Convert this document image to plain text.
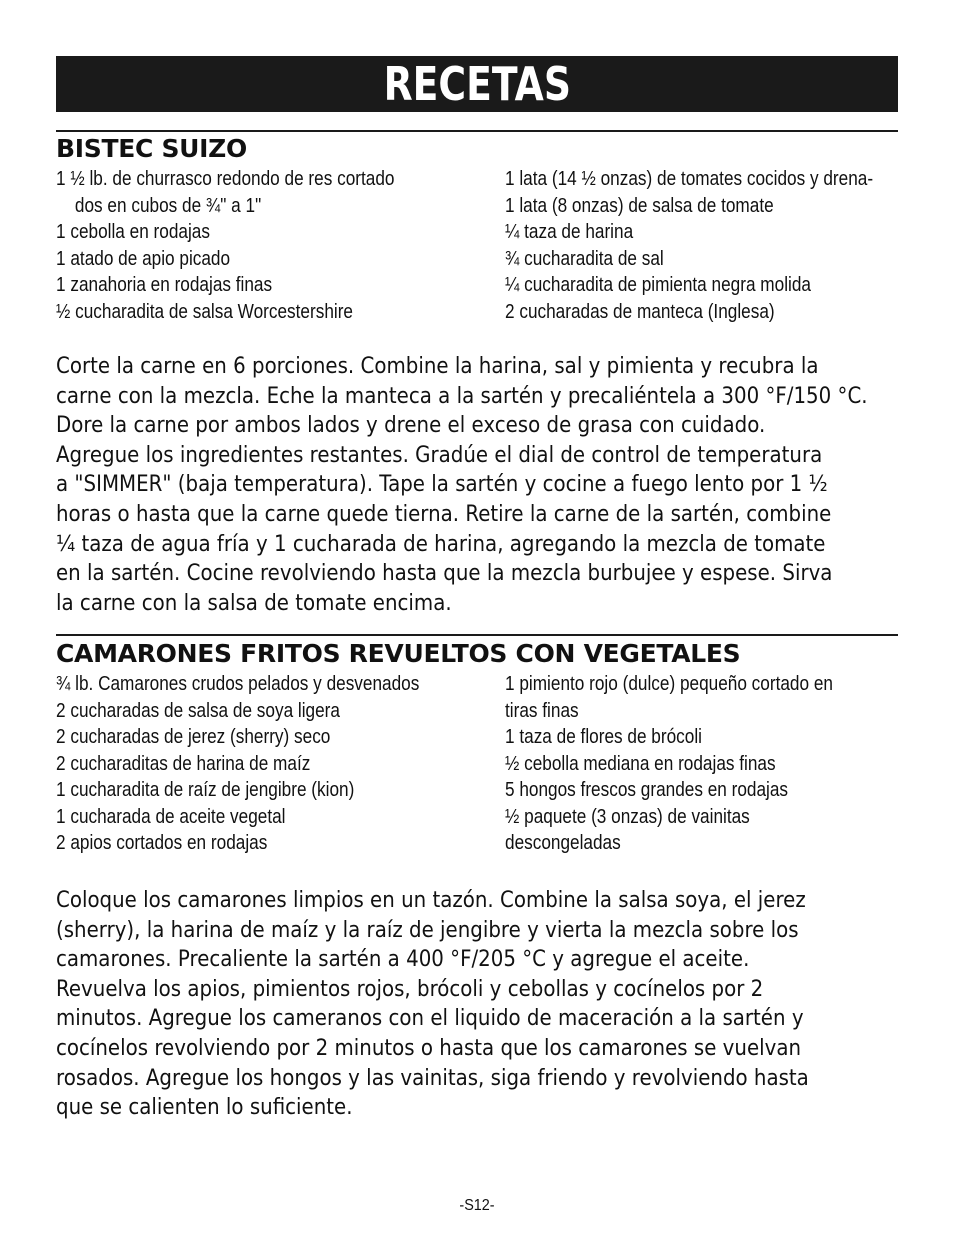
RECETAS
BISTEC SUIZO
1 ½ lb. de churrasco redondo de res cortado
dos en cubos de ¾" a 1"
1 cebolla en rodajas
1 atado de apio picado
1 zanahoria en rodajas finas
½ cucharadita de salsa Worcestershire
1 lata (14 ½ onzas) de tomates cocidos y drena-
1 lata (8 onzas) de salsa de tomate
¼ taza de harina
¾ cucharadita de sal
¼ cucharadita de pimienta negra molida
2 cucharadas de manteca (Inglesa)
Corte la carne en 6 porciones. Combine la harina, sal y pimienta y recubra la
carne con la mezcla. Eche la manteca a la sartén y precaliéntela a 300 °F/150 °C.
Dore la carne por ambos lados y drene el exceso de grasa con cuidado.
Agregue los ingredientes restantes. Gradúe el dial de control de temperatura
a "SIMMER" (baja temperatura). Tape la sartén y cocine a fuego lento por 1 ½
horas o hasta que la carne quede tierna. Retire la carne de la sartén, combine
¼ taza de agua fría y 1 cucharada de harina, agregando la mezcla de tomate
en la sartén. Cocine revolviendo hasta que la mezcla burbujee y espese. Sirva
la carne con la salsa de tomate encima.
CAMARONES FRITOS REVUELTOS CON VEGETALES
¾ lb. Camarones crudos pelados y desvenados
2 cucharadas de salsa de soya ligera
2 cucharadas de jerez (sherry) seco
2 cucharaditas de harina de maíz
1 cucharadita de raíz de jengibre (kion)
1 cucharada de aceite vegetal
2 apios cortados en rodajas
1 pimiento rojo (dulce) pequeño cortado en
tiras finas
1 taza de flores de brócoli
½ cebolla mediana en rodajas finas
5 hongos frescos grandes en rodajas
½ paquete (3 onzas) de vainitas
descongeladas
Coloque los camarones limpios en un tazón. Combine la salsa soya, el jerez
(sherry), la harina de maíz y la raíz de jengibre y vierta la mezcla sobre los
camarones. Precaliente la sartén a 400 °F/205 °C y agregue el aceite.
Revuelva los apios, pimientos rojos, brócoli y cebollas y cocínelos por 2
minutos. Agregue los cameranos con el liquido de maceración a la sartén y
cocínelos revolviendo por 2 minutos o hasta que los camarones se vuelvan
rosados. Agregue los hongos y las vainitas, siga friendo y revolviendo hasta
que se calienten lo suficiente.
-S12-
